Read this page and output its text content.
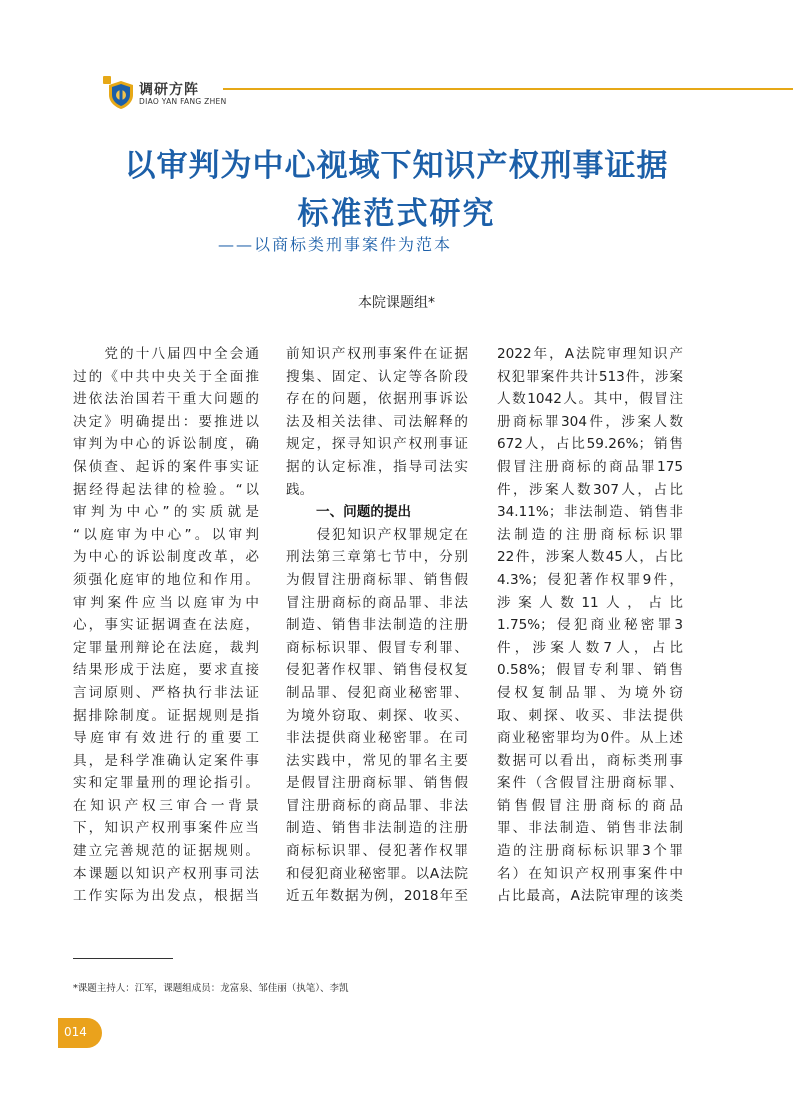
调研方阵
DIAO YAN FANG ZHEN
以审判为中心视域下知识产权刑事证据
标准范式研究
——以商标类刑事案件为范本
本院课题组*

　　党的十八届四中全会通

过的《中共中央关于全面推

进依法治国若干重大问题的

决定》明确提出：要推进以

审判为中心的诉讼制度，确

保侦查、起诉的案件事实证

据经得起法律的检验。“以

审判为中心”的实质就是

“以庭审为中心”。以审判

为中心的诉讼制度改革，必

须强化庭审的地位和作用。

审判案件应当以庭审为中

心，事实证据调查在法庭，

定罪量刑辩论在法庭，裁判

结果形成于法庭，要求直接

言词原则、严格执行非法证

据排除制度。证据规则是指

导庭审有效进行的重要工

具，是科学准确认定案件事

实和定罪量刑的理论指引。

在知识产权三审合一背景

下，知识产权刑事案件应当

建立完善规范的证据规则。

本课题以知识产权刑事司法

工作实际为出发点，根据当

前知识产权刑事案件在证据

搜集、固定、认定等各阶段

存在的问题，依据刑事诉讼

法及相关法律、司法解释的

规定，探寻知识产权刑事证

据的认定标准，指导司法实

践。

一、问题的提出

　　侵犯知识产权罪规定在

刑法第三章第七节中，分别

为假冒注册商标罪、销售假

冒注册商标的商品罪、非法

制造、销售非法制造的注册

商标标识罪、假冒专利罪、

侵犯著作权罪、销售侵权复

制品罪、侵犯商业秘密罪、

为境外窃取、刺探、收买、

非法提供商业秘密罪。在司

法实践中，常见的罪名主要

是假冒注册商标罪、销售假

冒注册商标的商品罪、非法

制造、销售非法制造的注册

商标标识罪、侵犯著作权罪

和侵犯商业秘密罪。以A法院

近五年数据为例，2018年至

2022年，A法院审理知识产

权犯罪案件共计513件，涉案

人数1042人。其中，假冒注

册商标罪304件，涉案人数

672人，占比59.26%；销售

假冒注册商标的商品罪175

件，涉案人数307人，占比

34.11%；非法制造、销售非

法制造的注册商标标识罪

22件，涉案人数45人，占比

4.3%；侵犯著作权罪9件，

涉案人数11人，占比

1.75%；侵犯商业秘密罪3

件，涉案人数7人，占比

0.58%；假冒专利罪、销售

侵权复制品罪、为境外窃

取、刺探、收买、非法提供

商业秘密罪均为0件。从上述

数据可以看出，商标类刑事

案件（含假冒注册商标罪、

销售假冒注册商标的商品

罪、非法制造、销售非法制

造的注册商标标识罪3个罪

名）在知识产权刑事案件中

占比最高，A法院审理的该类

*课题主持人：江军，课题组成员：龙富泉、邹佳丽（执笔）、李凯
014
